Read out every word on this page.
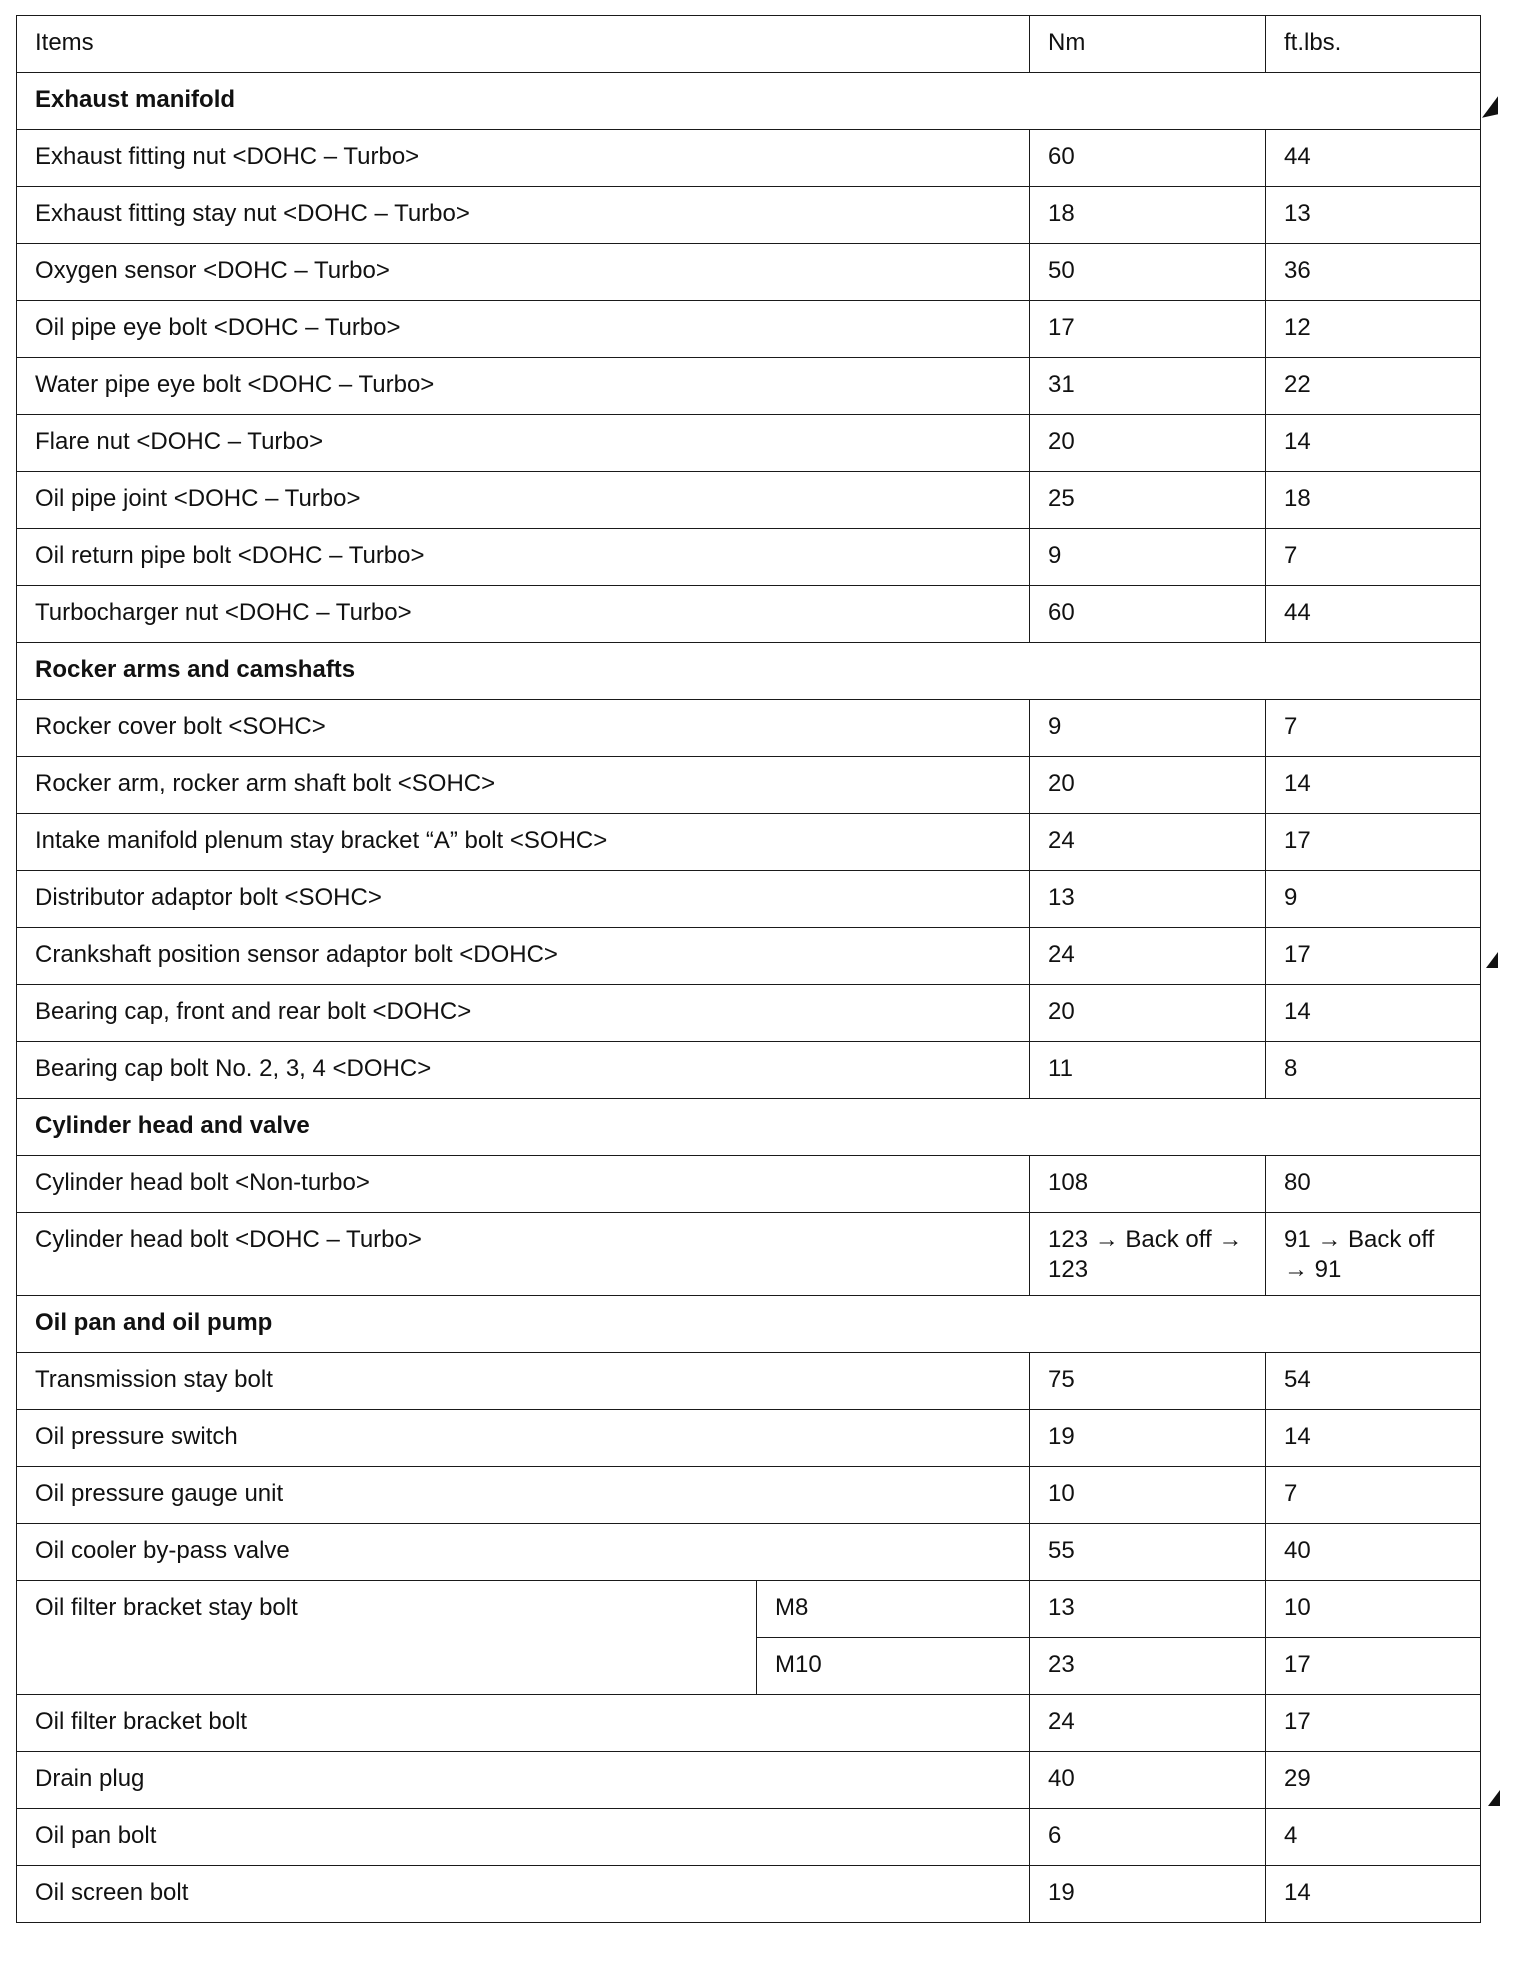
Items		Nm	ft.lbs.
Exhaust manifold			
Exhaust fitting nut <DOHC – Turbo>		60	44
Exhaust fitting stay nut <DOHC – Turbo>		18	13
Oxygen sensor <DOHC – Turbo>		50	36
Oil pipe eye bolt <DOHC – Turbo>		17	12
Water pipe eye bolt <DOHC – Turbo>		31	22
Flare nut <DOHC – Turbo>		20	14
Oil pipe joint <DOHC – Turbo>		25	18
Oil return pipe bolt <DOHC – Turbo>		9	7
Turbocharger nut <DOHC – Turbo>		60	44
Rocker arms and camshafts			
Rocker cover bolt <SOHC>		9	7
Rocker arm, rocker arm shaft bolt <SOHC>		20	14
Intake manifold plenum stay bracket “A” bolt <SOHC>		24	17
Distributor adaptor bolt <SOHC>		13	9
Crankshaft position sensor adaptor bolt <DOHC>		24	17
Bearing cap, front and rear bolt <DOHC>		20	14
Bearing cap bolt No. 2, 3, 4 <DOHC>		11	8
Cylinder head and valve			
Cylinder head bolt <Non-turbo>		108	80
Cylinder head bolt <DOHC – Turbo>		123 → Back off → 123	91 → Back off → 91
Oil pan and oil pump			
Transmission stay bolt		75	54
Oil pressure switch		19	14
Oil pressure gauge unit		10	7
Oil cooler by-pass valve		55	40
Oil filter bracket stay bolt	M8	13	10
	M10	23	17
Oil filter bracket bolt		24	17
Drain plug		40	29
Oil pan bolt		6	4
Oil screen bolt		19	14
